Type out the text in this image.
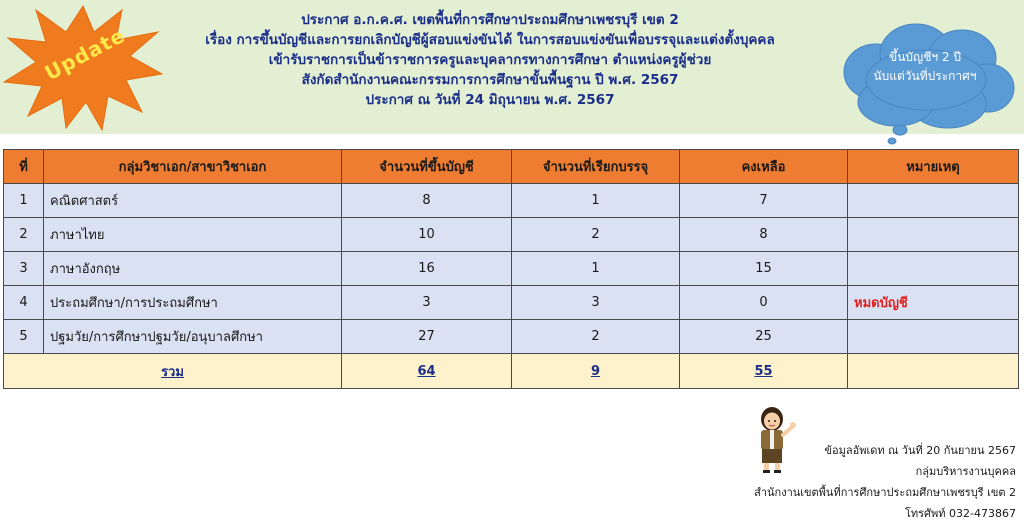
Update
ประกาศ อ.ก.ค.ศ. เขตพื้นที่การศึกษาประถมศึกษาเพชรบุรี เขต 2
เรื่อง การขึ้นบัญชีและการยกเลิกบัญชีผู้สอบแข่งขันได้ ในการสอบแข่งขันเพื่อบรรจุและแต่งตั้งบุคคล
เข้ารับราชการเป็นข้าราชการครูและบุคลากรทางการศึกษา ตำแหน่งครูผู้ช่วย
สังกัดสำนักงานคณะกรรมการการศึกษาขั้นพื้นฐาน ปี พ.ศ. 2567
ประกาศ ณ วันที่ 24 มิถุนายน พ.ศ. 2567
ขึ้นบัญชีฯ 2 ปี
นับแต่วันที่ประกาศฯ
ที่	กลุ่มวิชาเอก/สาขาวิชาเอก	จำนวนที่ขึ้นบัญชี	จำนวนที่เรียกบรรจุ	คงเหลือ	หมายเหตุ
1	คณิตศาสตร์	8	1	7	
2	ภาษาไทย	10	2	8	
3	ภาษาอังกฤษ	16	1	15	
4	ประถมศึกษา/การประถมศึกษา	3	3	0	หมดบัญชี
5	ปฐมวัย/การศึกษาปฐมวัย/อนุบาลศึกษา	27	2	25	
รวม		64	9	55	
ข้อมูลอัพเดท ณ วันที่ 20 กันยายน 2567
กลุ่มบริหารงานบุคคล
สำนักงานเขตพื้นที่การศึกษาประถมศึกษาเพชรบุรี เขต 2
โทรศัพท์ 032-473867
